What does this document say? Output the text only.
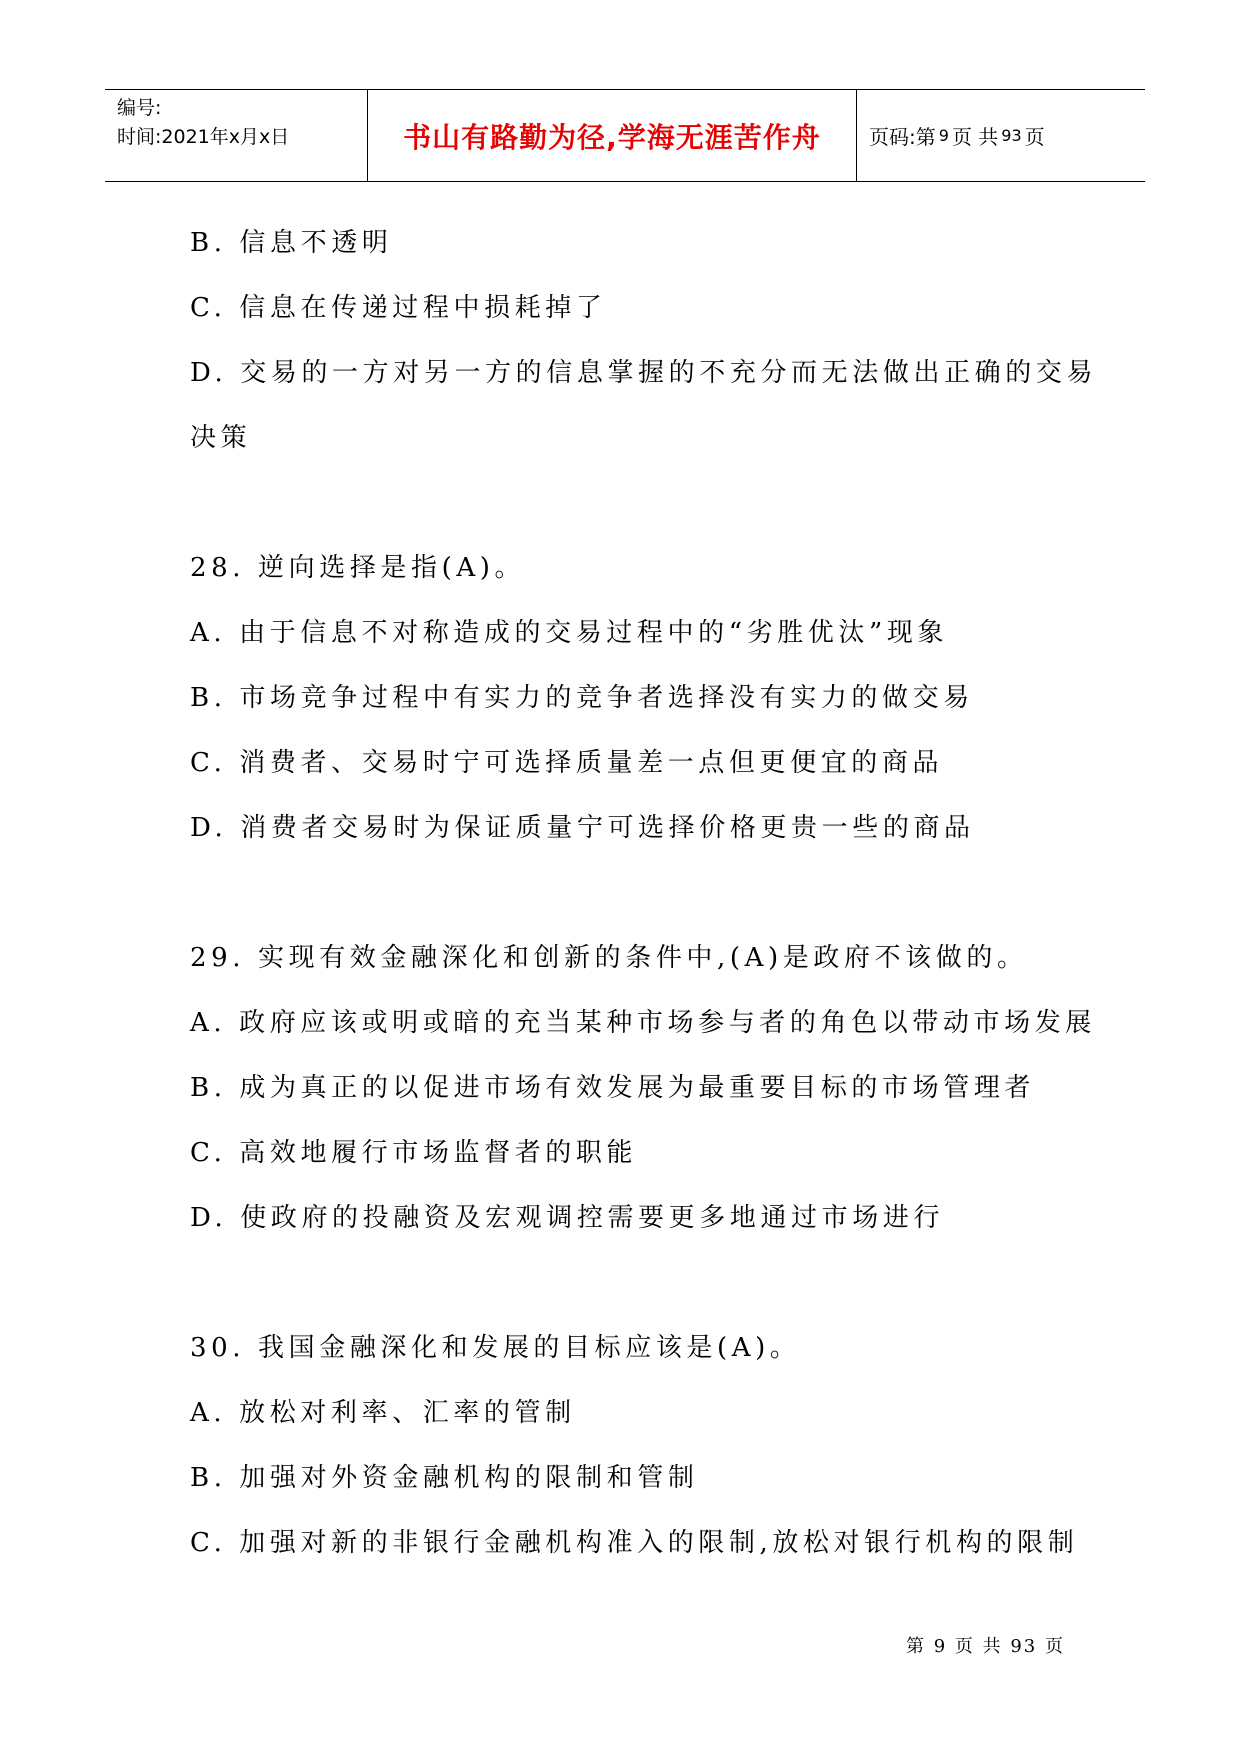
编号:
时间:2021年x月x日	书山有路勤为径,学海无涯苦作舟	页码:第 9 页 共 93 页
B. 信息不透明
C. 信息在传递过程中损耗掉了
D. 交易的一方对另一方的信息掌握的不充分而无法做出正确的交易
决策
28. 逆向选择是指(A)。
A. 由于信息不对称造成的交易过程中的“劣胜优汰”现象
B. 市场竞争过程中有实力的竞争者选择没有实力的做交易
C. 消费者、交易时宁可选择质量差一点但更便宜的商品
D. 消费者交易时为保证质量宁可选择价格更贵一些的商品
29. 实现有效金融深化和创新的条件中,(A)是政府不该做的。
A. 政府应该或明或暗的充当某种市场参与者的角色以带动市场发展
B. 成为真正的以促进市场有效发展为最重要目标的市场管理者
C. 高效地履行市场监督者的职能
D. 使政府的投融资及宏观调控需要更多地通过市场进行
30. 我国金融深化和发展的目标应该是(A)。
A. 放松对利率、汇率的管制
B. 加强对外资金融机构的限制和管制
C. 加强对新的非银行金融机构准入的限制,放松对银行机构的限制
第 9 页 共 93 页
